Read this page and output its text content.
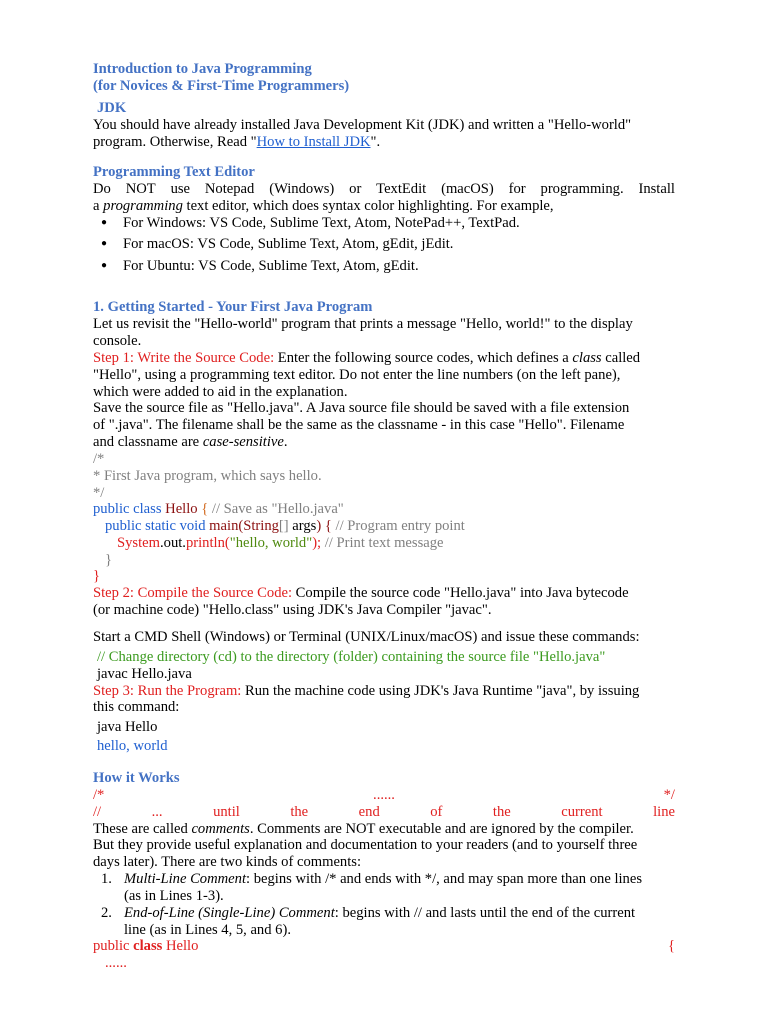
Introduction to Java Programming
(for Novices & First-Time Programmers)
JDK
You should have already installed Java Development Kit (JDK) and written a "Hello-world"
program. Otherwise, Read "How to Install JDK".
Programming Text Editor
Do NOT use Notepad (Windows) or TextEdit (macOS) for programming. Install
a programming text editor, which does syntax color highlighting. For example,
● For Windows: VS Code, Sublime Text, Atom, NotePad++, TextPad.
● For macOS: VS Code, Sublime Text, Atom, gEdit, jEdit.
● For Ubuntu: VS Code, Sublime Text, Atom, gEdit.
1. Getting Started - Your First Java Program
Let us revisit the "Hello-world" program that prints a message "Hello, world!" to the display
console.
Step 1: Write the Source Code: Enter the following source codes, which defines a class called
"Hello", using a programming text editor. Do not enter the line numbers (on the left pane),
which were added to aid in the explanation.
Save the source file as "Hello.java". A Java source file should be saved with a file extension
of ".java". The filename shall be the same as the classname - in this case "Hello". Filename
and classname are case-sensitive.
/*
* First Java program, which says hello.
*/
public class Hello { // Save as "Hello.java"
public static void main(String[] args) { // Program entry point
System.out.println("hello, world"); // Print text message
}
}
Step 2: Compile the Source Code: Compile the source code "Hello.java" into Java bytecode
(or machine code) "Hello.class" using JDK's Java Compiler "javac".
Start a CMD Shell (Windows) or Terminal (UNIX/Linux/macOS) and issue these commands:
// Change directory (cd) to the directory (folder) containing the source file "Hello.java"
javac Hello.java
Step 3: Run the Program: Run the machine code using JDK's Java Runtime "java", by issuing
this command:
java Hello
hello, world
How it Works
/*	......	*/
//	...	until	the	end	of	the	current	line
These are called comments. Comments are NOT executable and are ignored by the compiler.
But they provide useful explanation and documentation to your readers (and to yourself three
days later). There are two kinds of comments:
1. Multi-Line Comment: begins with /* and ends with */, and may span more than one lines
(as in Lines 1-3).
2. End-of-Line (Single-Line) Comment: begins with // and lasts until the end of the current
line (as in Lines 4, 5, and 6).
public class Hello	{
......
